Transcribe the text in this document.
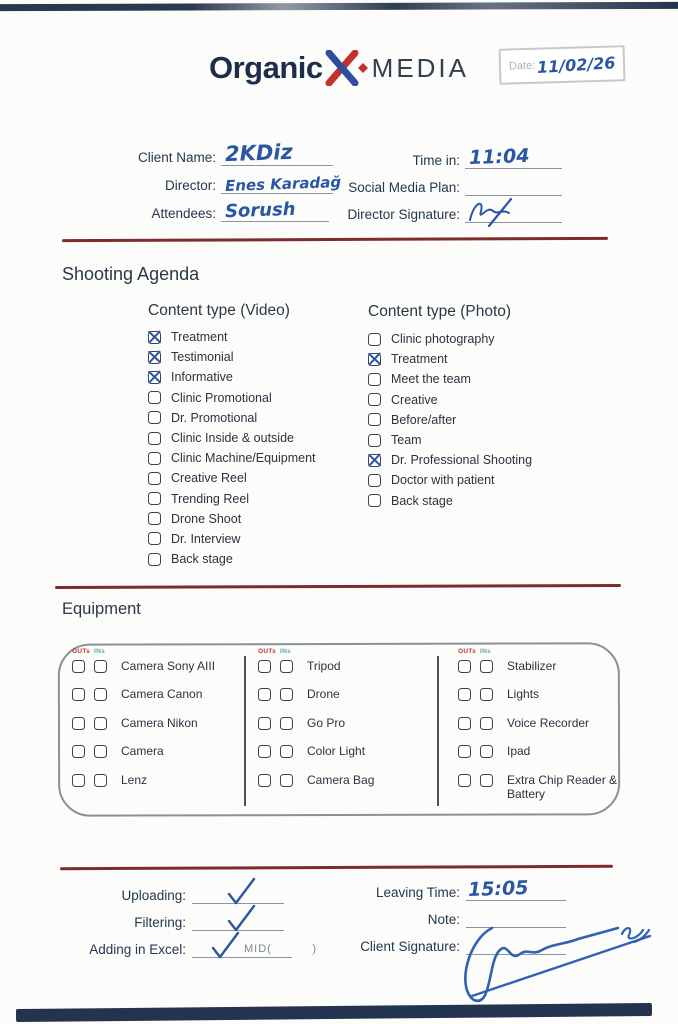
Organic MEDIA	Date: 11/02/26
Client Name: 2KDiz
Director: Enes Karadağ
Attendees: Sorush
Time in: 11:04
Social Media Plan:
Director Signature:
Shooting Agenda
Content type (Video)
Treatment
Testimonial
Informative
Clinic Promotional
Dr. Promotional
Clinic Inside & outside
Clinic Machine/Equipment
Creative Reel
Trending Reel
Drone Shoot
Dr. Interview
Back stage
Content type (Photo)
Clinic photography
Treatment
Meet the team
Creative
Before/after
Team
Dr. Professional Shooting
Doctor with patient
Back stage
Equipment
OUTs INs
Camera Sony AIII
Camera Canon
Camera Nikon
Camera
Lenz
OUTs INs
Tripod
Drone
Go Pro
Color Light
Camera Bag
OUTs INs
Stabilizer
Lights
Voice Recorder
Ipad
Extra Chip Reader & Battery
Uploading:
Filtering:
Adding in Excel:	MID(          )
Leaving Time: 15:05
Note:
Client Signature:
